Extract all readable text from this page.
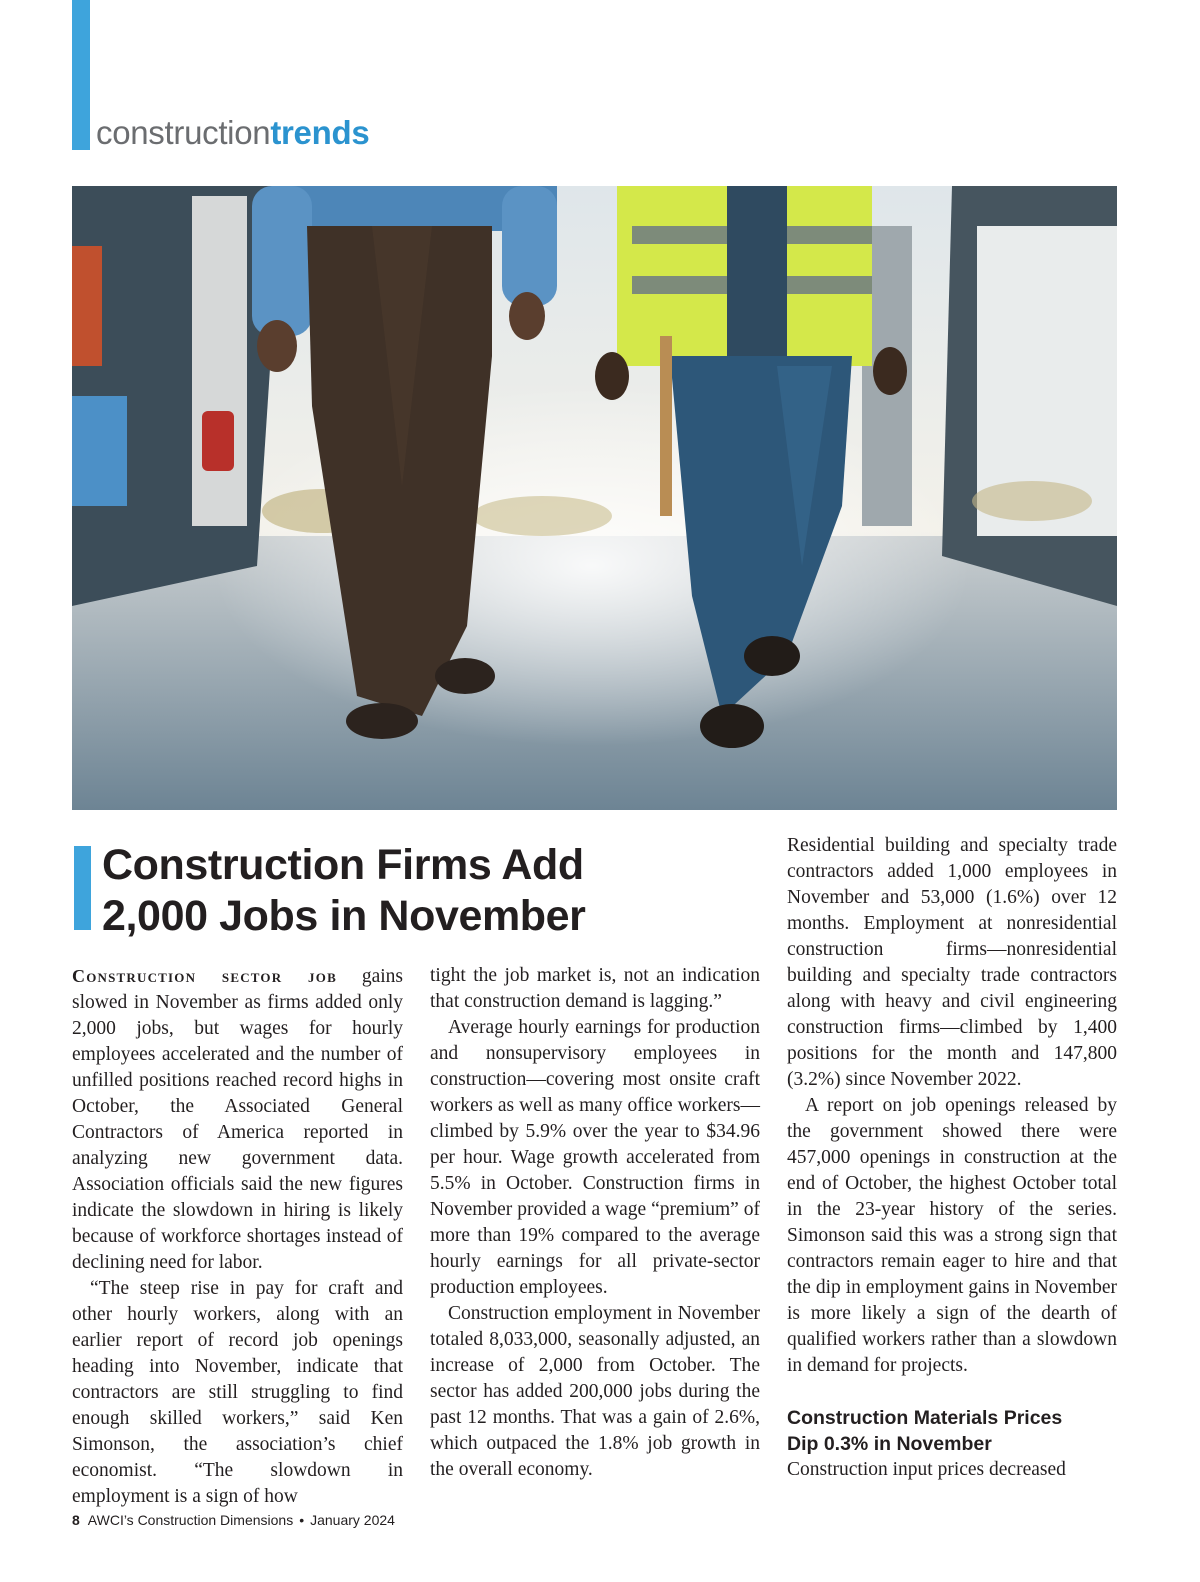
constructiontrends
Construction Firms Add
2,000 Jobs in November

Construction sector job gains slowed in November as firms added only 2,000 jobs, but wages for hourly employees accelerated and the number of unfilled positions reached record highs in October, the Associated General Contractors of America reported in analyzing new government data. Association officials said the new figures indicate the slowdown in hiring is likely because of workforce shortages instead of declining need for labor.

“The steep rise in pay for craft and other hourly workers, along with an earlier report of record job openings heading into November, indicate that contractors are still struggling to find enough skilled workers,” said Ken Simonson, the association’s chief economist. “The slowdown in employment is a sign of how

tight the job market is, not an indication that construction demand is lagging.”

Average hourly earnings for production and nonsupervisory employees in construction—covering most onsite craft workers as well as many office workers—climbed by 5.9% over the year to $34.96 per hour. Wage growth accelerated from 5.5% in October. Construction firms in November provided a wage “premium” of more than 19% compared to the average hourly earnings for all private-sector production employees.

Construction employment in November totaled 8,033,000, seasonally adjusted, an increase of 2,000 from October. The sector has added 200,000 jobs during the past 12 months. That was a gain of 2.6%, which outpaced the 1.8% job growth in the overall economy.

Residential building and specialty trade contractors added 1,000 employees in November and 53,000 (1.6%) over 12 months. Employment at nonresidential construction firms—nonresidential building and specialty trade contractors along with heavy and civil engineering construction firms—climbed by 1,400 positions for the month and 147,800 (3.2%) since November 2022.

A report on job openings released by the government showed there were 457,000 openings in construction at the end of October, the highest October total in the 23-year history of the series. Simonson said this was a strong sign that contractors remain eager to hire and that the dip in employment gains in November is more likely a sign of the dearth of qualified workers rather than a slowdown in demand for projects.

Construction Materials Prices
Dip 0.3% in November

Construction input prices decreased

8 AWCI’s Construction Dimensions • January 2024
